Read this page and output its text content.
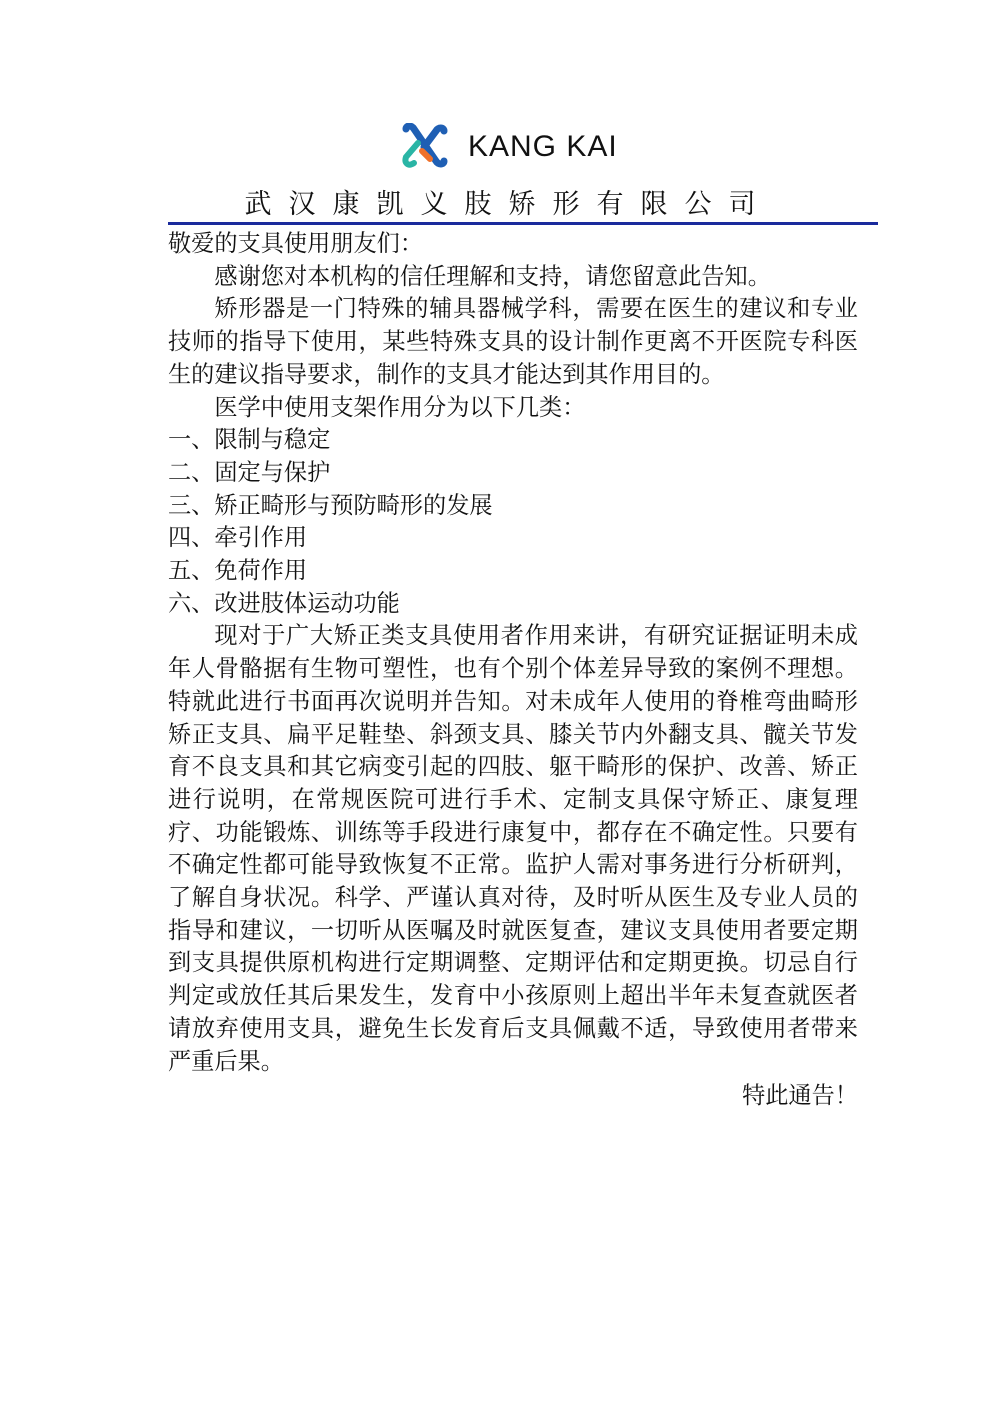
KANG KAI
武汉康凯义肢矫形有限公司

敬爱的支具使用朋友们：

感谢您对本机构的信任理解和支持，请您留意此告知。

矫形器是一门特殊的辅具器械学科，需要在医生的建议和专业技师的指导下使用，某些特殊支具的设计制作更离不开医院专科医生的建议指导要求，制作的支具才能达到其作用目的。

医学中使用支架作用分为以下几类：

一、限制与稳定

二、固定与保护

三、矫正畸形与预防畸形的发展

四、牵引作用

五、免荷作用

六、改进肢体运动功能

现对于广大矫正类支具使用者作用来讲，有研究证据证明未成年人骨骼据有生物可塑性，也有个别个体差异导致的案例不理想。特就此进行书面再次说明并告知。对未成年人使用的脊椎弯曲畸形矫正支具、扁平足鞋垫、斜颈支具、膝关节内外翻支具、髋关节发育不良支具和其它病变引起的四肢、躯干畸形的保护、改善、矫正进行说明，在常规医院可进行手术、定制支具保守矫正、康复理疗、功能锻炼、训练等手段进行康复中，都存在不确定性。只要有不确定性都可能导致恢复不正常。监护人需对事务进行分析研判，了解自身状况。科学、严谨认真对待，及时听从医生及专业人员的指导和建议，一切听从医嘱及时就医复查，建议支具使用者要定期到支具提供原机构进行定期调整、定期评估和定期更换。切忌自行判定或放任其后果发生，发育中小孩原则上超出半年未复查就医者请放弃使用支具，避免生长发育后支具佩戴不适，导致使用者带来严重后果。

特此通告！
